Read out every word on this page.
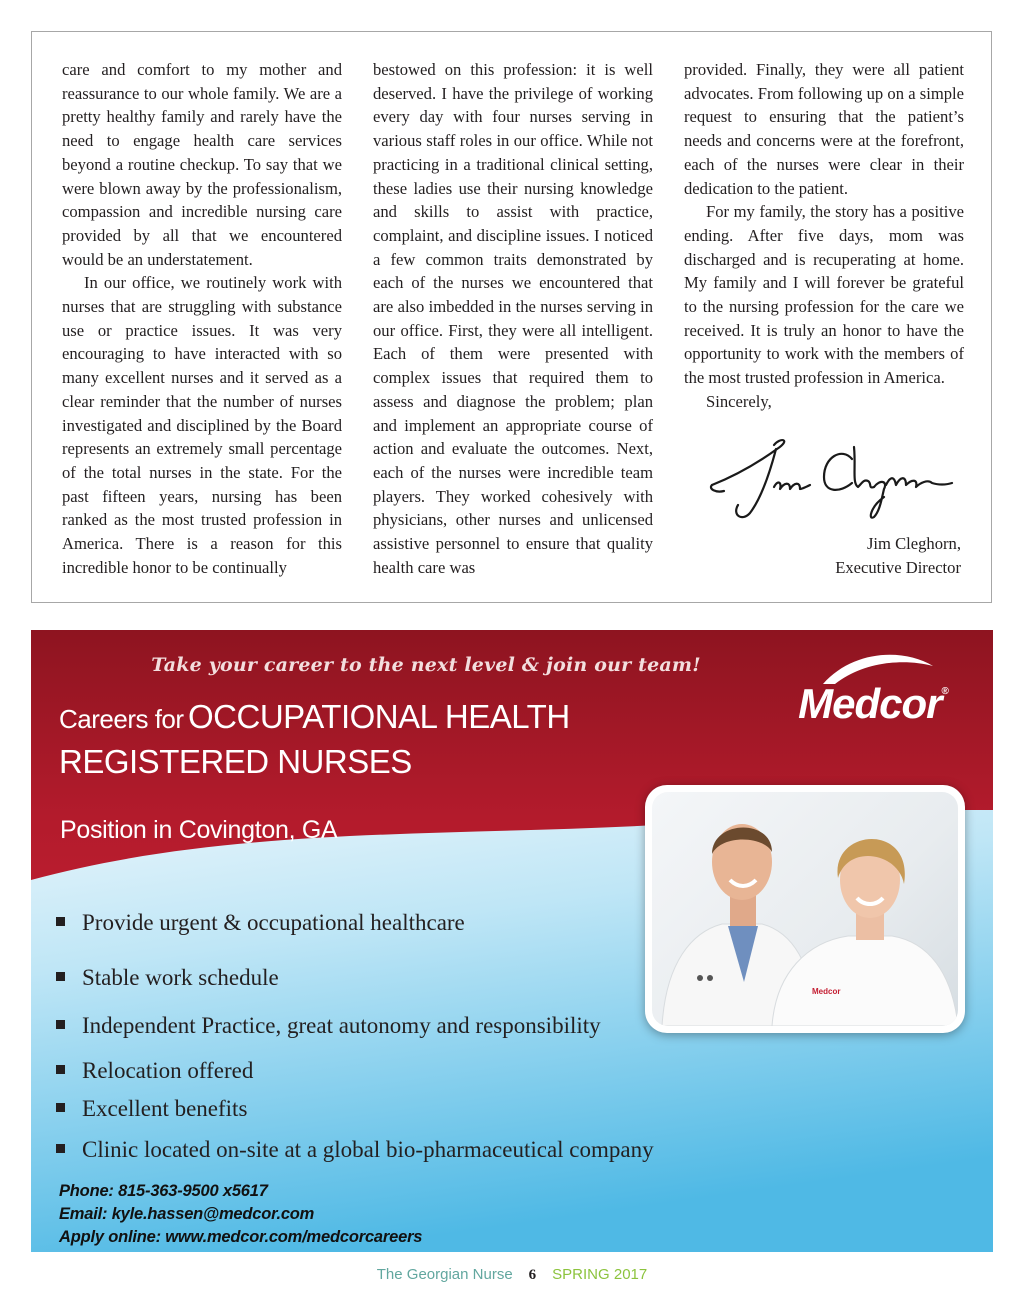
care and comfort to my mother and reassurance to our whole family. We are a pretty healthy family and rarely have the need to engage health care services beyond a routine checkup. To say that we were blown away by the professionalism, compassion and incredible nursing care provided by all that we encountered would be an understatement.

In our office, we routinely work with nurses that are struggling with substance use or practice issues. It was very encouraging to have interacted with so many excellent nurses and it served as a clear reminder that the number of nurses investigated and disciplined by the Board represents an extremely small percentage of the total nurses in the state. For the past fifteen years, nursing has been ranked as the most trusted profession in America. There is a reason for this incredible honor to be continually

bestowed on this profession: it is well deserved. I have the privilege of working every day with four nurses serving in various staff roles in our office. While not practicing in a traditional clinical setting, these ladies use their nursing knowledge and skills to assist with practice, complaint, and discipline issues. I noticed a few common traits demonstrated by each of the nurses we encountered that are also imbedded in the nurses serving in our office. First, they were all intelligent. Each of them were presented with complex issues that required them to assess and diagnose the problem; plan and implement an appropriate course of action and evaluate the outcomes. Next, each of the nurses were incredible team players. They worked cohesively with physicians, other nurses and unlicensed assistive personnel to ensure that quality health care was

provided. Finally, they were all patient advocates. From following up on a simple request to ensuring that the patient’s needs and concerns were at the forefront, each of the nurses were clear in their dedication to the patient.

For my family, the story has a positive ending. After five days, mom was discharged and is recuperating at home. My family and I will forever be grateful to the nursing profession for the care we received. It is truly an honor to have the opportunity to work with the members of the most trusted profession in America.

Sincerely,

Jim Cleghorn,
Executive Director
Take your career to the next level & join our team!
Medcor®
Careers for OCCUPATIONAL HEALTH
REGISTERED NURSES
Position in Covington, GA
Medcor
Provide urgent & occupational healthcare
Stable work schedule
Independent Practice, great autonomy and responsibility
Relocation offered
Excellent benefits
Clinic located on-site at a global bio-pharmaceutical company
Phone: 815-363-9500 x5617
Email: kyle.hassen@medcor.com
Apply online: www.medcor.com/medcorcareers
The Georgian Nurse 6 SPRING 2017
